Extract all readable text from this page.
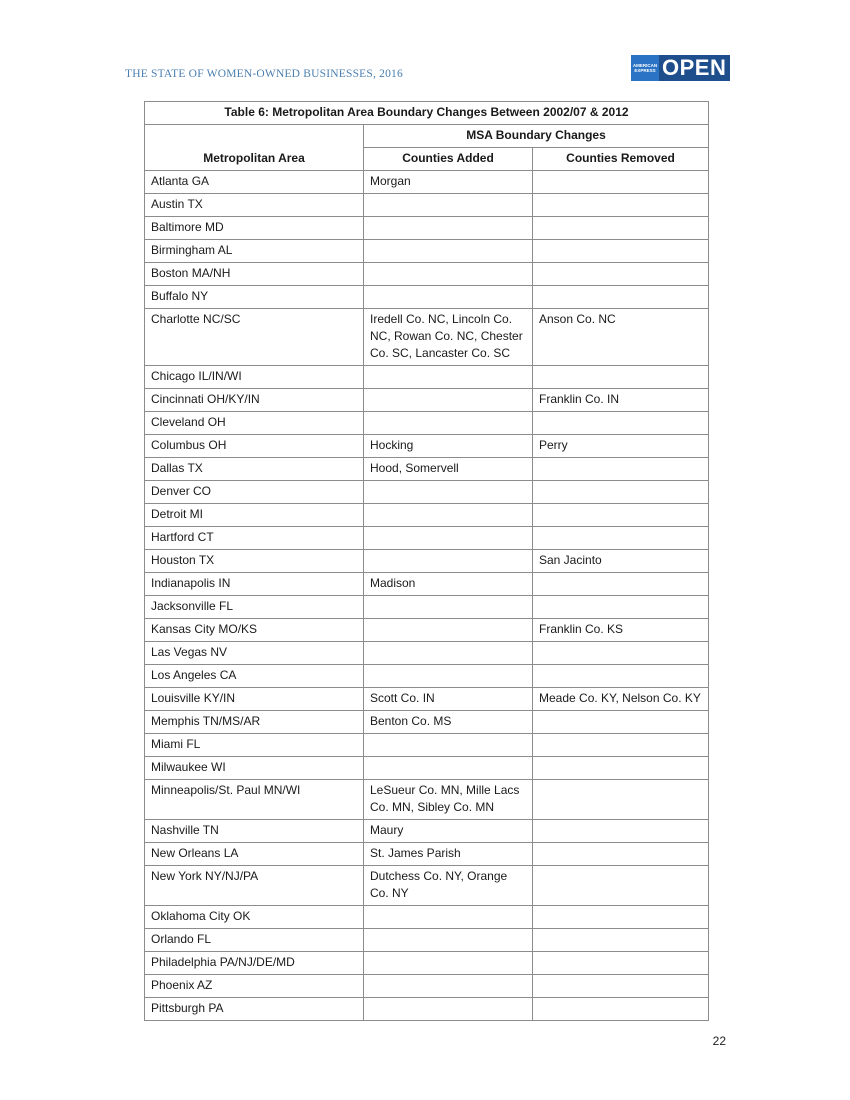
THE STATE OF WOMEN-OWNED BUSINESSES, 2016
AMERICAN
EXPRESS OPEN
Table 6: Metropolitan Area Boundary Changes Between 2002/07 & 2012		
Metropolitan Area	MSA Boundary Changes	
	Counties Added	Counties Removed
Atlanta GA	Morgan	
Austin TX		
Baltimore MD		
Birmingham AL		
Boston MA/NH		
Buffalo NY		
Charlotte NC/SC	Iredell Co. NC, Lincoln Co. NC, Rowan Co. NC, Chester Co. SC, Lancaster Co. SC	Anson Co. NC
Chicago IL/IN/WI		
Cincinnati OH/KY/IN		Franklin Co. IN
Cleveland OH		
Columbus OH	Hocking	Perry
Dallas TX	Hood, Somervell	
Denver CO		
Detroit MI		
Hartford CT		
Houston TX		San Jacinto
Indianapolis IN	Madison	
Jacksonville FL		
Kansas City MO/KS		Franklin Co. KS
Las Vegas NV		
Los Angeles CA		
Louisville KY/IN	Scott Co. IN	Meade Co. KY, Nelson Co. KY
Memphis TN/MS/AR	Benton Co. MS	
Miami FL		
Milwaukee WI		
Minneapolis/St. Paul MN/WI	LeSueur Co. MN, Mille Lacs Co. MN, Sibley Co. MN	
Nashville TN	Maury	
New Orleans LA	St. James Parish	
New York NY/NJ/PA	Dutchess Co. NY, Orange Co. NY	
Oklahoma City OK		
Orlando FL		
Philadelphia PA/NJ/DE/MD		
Phoenix AZ		
Pittsburgh PA		
22
